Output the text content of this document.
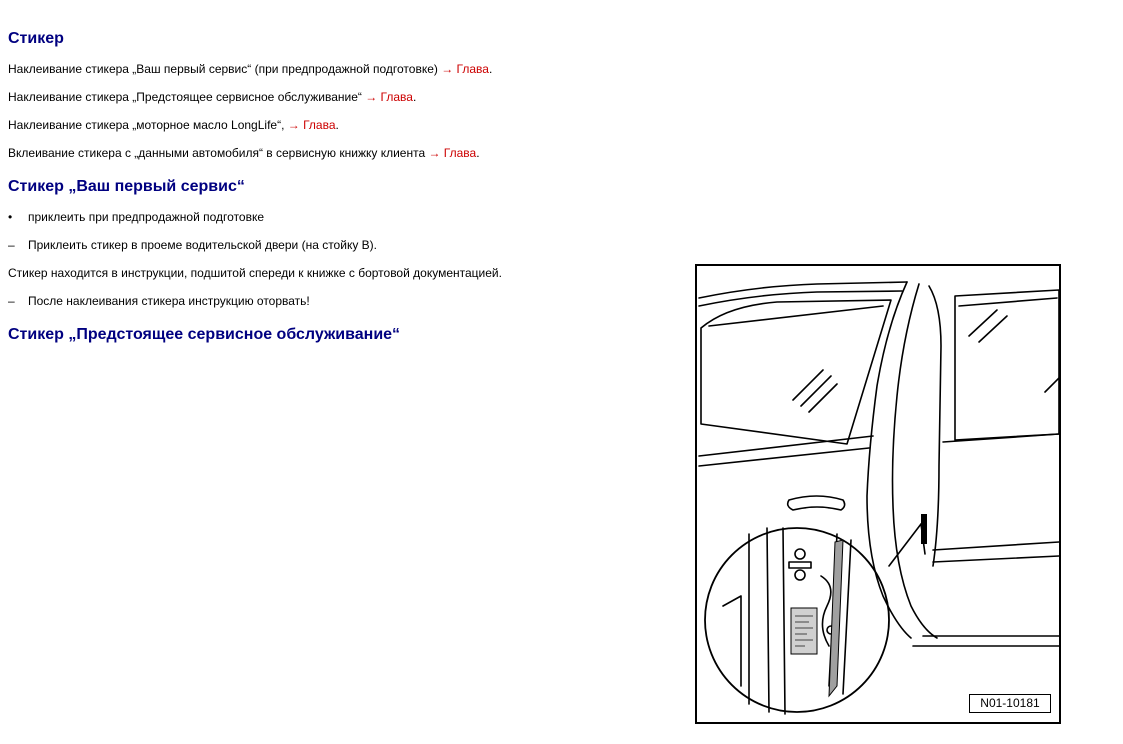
Стикер

Наклеивание стикера „Ваш первый сервис“ (при предпродажной подготовке) → Глава.

Наклеивание стикера „Предстоящее сервисное обслуживание“ → Глава.

Наклеивание стикера „моторное масло LongLife“, → Глава.

Вклеивание стикера с „данными автомобиля“ в сервисную книжку клиента → Глава.

Стикер „Ваш первый сервис“
• приклеить при предпродажной подготовке
– Приклеить стикер в проеме водительской двери (на стойку B).

Стикер находится в инструкции, подшитой спереди к книжке с бортовой документацией.

– После наклеивания стикера инструкцию оторвать!
Стикер „Предстоящее сервисное обслуживание“
N01-10181
